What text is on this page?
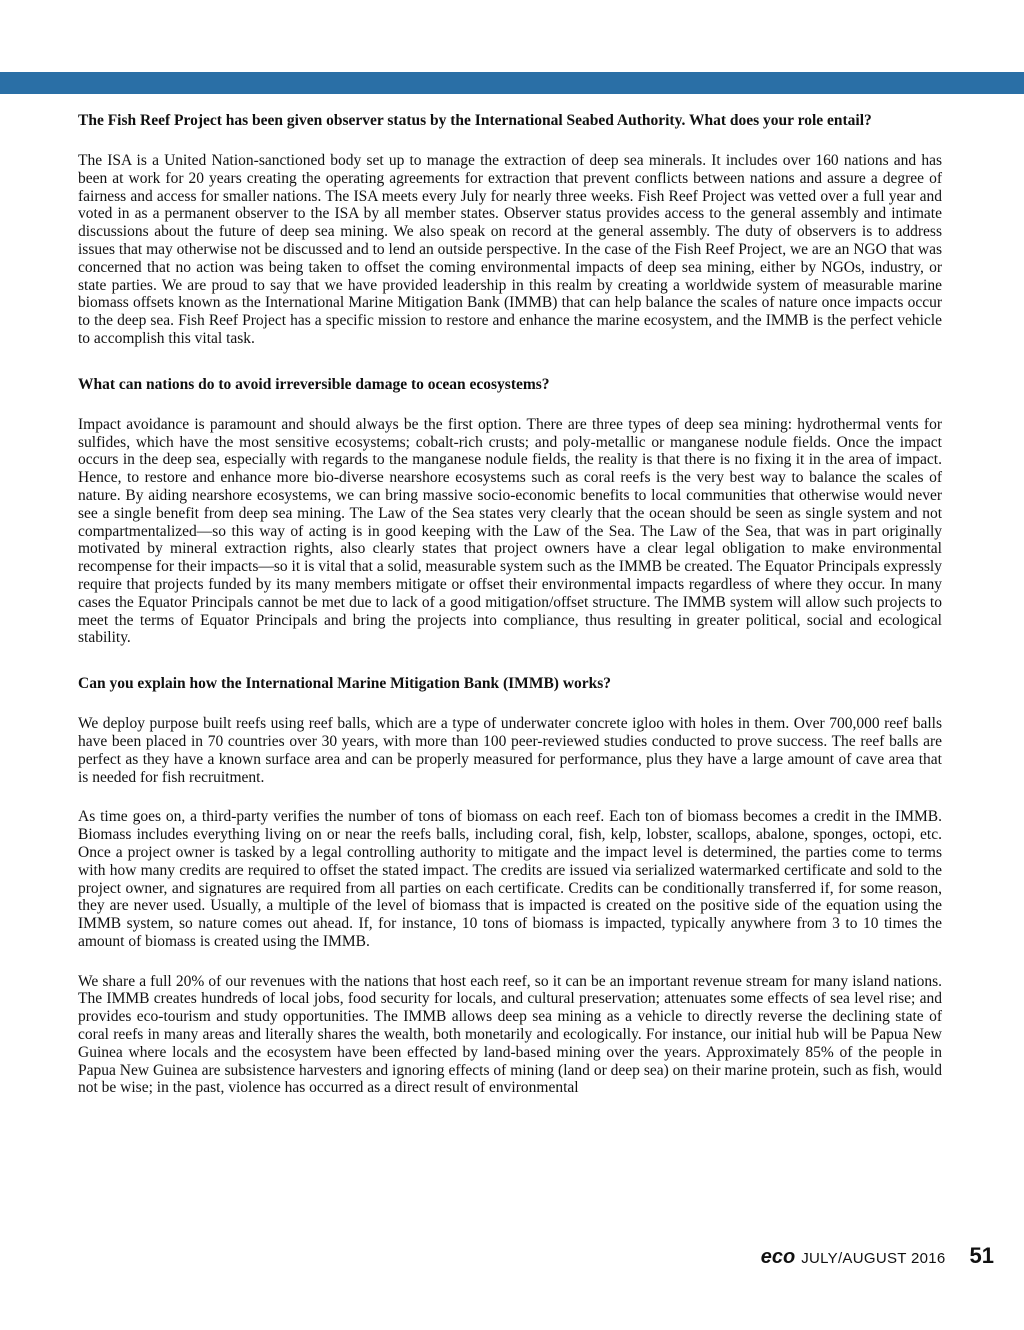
The Fish Reef Project has been given observer status by the International Seabed Authority. What does your role entail?

The ISA is a United Nation-sanctioned body set up to manage the extraction of deep sea minerals. It includes over 160 nations and has been at work for 20 years creating the operating agreements for extraction that prevent conflicts between nations and assure a degree of fairness and access for smaller nations. The ISA meets every July for nearly three weeks. Fish Reef Project was vetted over a full year and voted in as a permanent observer to the ISA by all member states. Observer status provides access to the general assembly and intimate discussions about the future of deep sea mining. We also speak on record at the general assembly. The duty of observers is to address issues that may otherwise not be discussed and to lend an outside perspective. In the case of the Fish Reef Project, we are an NGO that was concerned that no action was being taken to offset the coming environmental impacts of deep sea mining, either by NGOs, industry, or state parties. We are proud to say that we have provided leadership in this realm by creating a worldwide system of measurable marine biomass offsets known as the International Marine Mitigation Bank (IMMB) that can help balance the scales of nature once impacts occur to the deep sea. Fish Reef Project has a specific mission to restore and enhance the marine ecosystem, and the IMMB is the perfect vehicle to accomplish this vital task.

What can nations do to avoid irreversible damage to ocean ecosystems?

Impact avoidance is paramount and should always be the first option. There are three types of deep sea mining: hydrothermal vents for sulfides, which have the most sensitive ecosystems; cobalt-rich crusts; and poly-metallic or manganese nodule fields. Once the impact occurs in the deep sea, especially with regards to the manganese nodule fields, the reality is that there is no fixing it in the area of impact. Hence, to restore and enhance more bio-diverse nearshore ecosystems such as coral reefs is the very best way to balance the scales of nature. By aiding nearshore ecosystems, we can bring massive socio-economic benefits to local communities that otherwise would never see a single benefit from deep sea mining. The Law of the Sea states very clearly that the ocean should be seen as single system and not compartmentalized—so this way of acting is in good keeping with the Law of the Sea. The Law of the Sea, that was in part originally motivated by mineral extraction rights, also clearly states that project owners have a clear legal obligation to make environmental recompense for their impacts—so it is vital that a solid, measurable system such as the IMMB be created. The Equator Principals expressly require that projects funded by its many members mitigate or offset their environmental impacts regardless of where they occur. In many cases the Equator Principals cannot be met due to lack of a good mitigation/offset structure. The IMMB system will allow such projects to meet the terms of Equator Principals and bring the projects into compliance, thus resulting in greater political, social and ecological stability.

Can you explain how the International Marine Mitigation Bank (IMMB) works?

We deploy purpose built reefs using reef balls, which are a type of underwater concrete igloo with holes in them. Over 700,000 reef balls have been placed in 70 countries over 30 years, with more than 100 peer-reviewed studies conducted to prove success. The reef balls are perfect as they have a known surface area and can be properly measured for performance, plus they have a large amount of cave area that is needed for fish recruitment.

As time goes on, a third-party verifies the number of tons of biomass on each reef. Each ton of biomass becomes a credit in the IMMB. Biomass includes everything living on or near the reefs balls, including coral, fish, kelp, lobster, scallops, abalone, sponges, octopi, etc. Once a project owner is tasked by a legal controlling authority to mitigate and the impact level is determined, the parties come to terms with how many credits are required to offset the stated impact. The credits are issued via serialized watermarked certificate and sold to the project owner, and signatures are required from all parties on each certificate. Credits can be conditionally transferred if, for some reason, they are never used. Usually, a multiple of the level of biomass that is impacted is created on the positive side of the equation using the IMMB system, so nature comes out ahead. If, for instance, 10 tons of biomass is impacted, typically anywhere from 3 to 10 times the amount of biomass is created using the IMMB.

We share a full 20% of our revenues with the nations that host each reef, so it can be an important revenue stream for many island nations. The IMMB creates hundreds of local jobs, food security for locals, and cultural preservation; attenuates some effects of sea level rise; and provides eco-tourism and study opportunities. The IMMB allows deep sea mining as a vehicle to directly reverse the declining state of coral reefs in many areas and literally shares the wealth, both monetarily and ecologically. For instance, our initial hub will be Papua New Guinea where locals and the ecosystem have been effected by land-based mining over the years. Approximately 85% of the people in Papua New Guinea are subsistence harvesters and ignoring effects of mining (land or deep sea) on their marine protein, such as fish, would not be wise; in the past, violence has occurred as a direct result of environmental

eco JULY/AUGUST 2016 51
